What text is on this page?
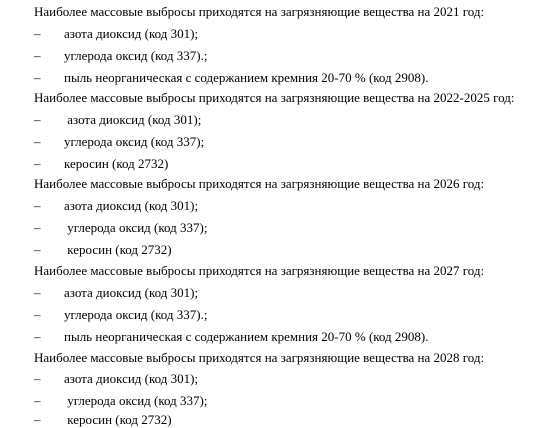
Наиболее массовые выбросы приходятся на загрязняющие вещества на 2021 год:
– азота диоксид (код 301);
– углерода оксид (код 337).;
– пыль неорганическая с содержанием кремния 20-70 % (код 2908).
Наиболее массовые выбросы приходятся на загрязняющие вещества на 2022-2025 год:
– азота диоксид (код 301);
– углерода оксид (код 337);
– керосин (код 2732)
Наиболее массовые выбросы приходятся на загрязняющие вещества на 2026 год:
– азота диоксид (код 301);
– углерода оксид (код 337);
– керосин (код 2732)
Наиболее массовые выбросы приходятся на загрязняющие вещества на 2027 год:
– азота диоксид (код 301);
– углерода оксид (код 337).;
– пыль неорганическая с содержанием кремния 20-70 % (код 2908).
Наиболее массовые выбросы приходятся на загрязняющие вещества на 2028 год:
– азота диоксид (код 301);
– углерода оксид (код 337);
– керосин (код 2732)
